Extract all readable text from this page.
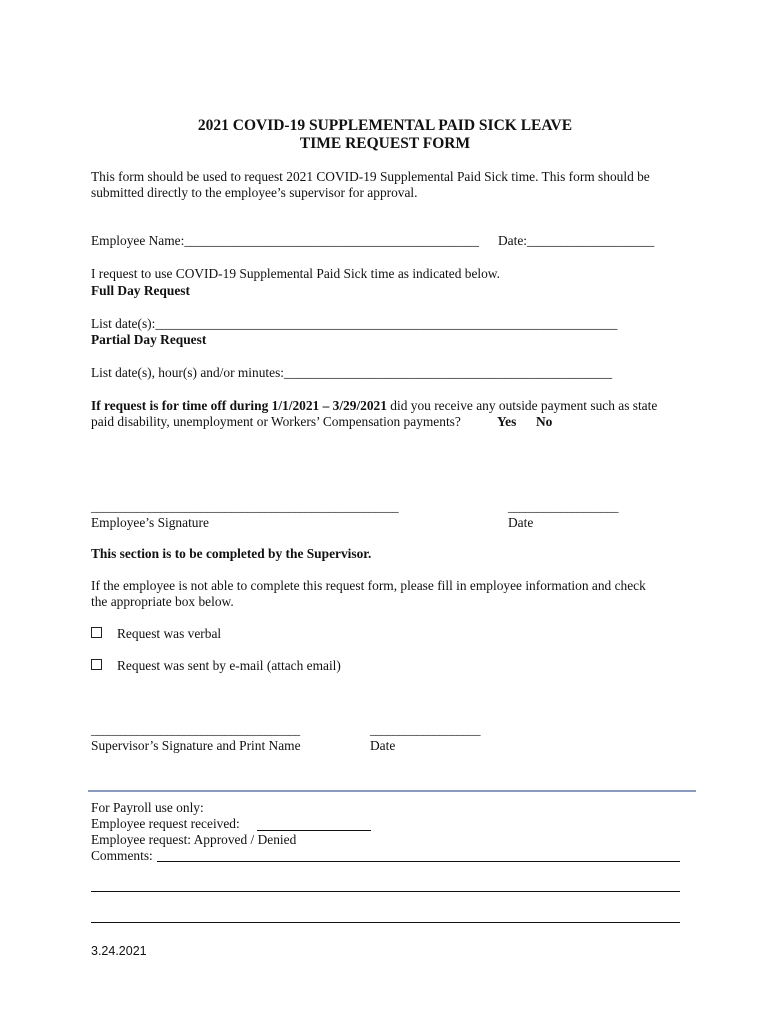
2021 COVID-19 SUPPLEMENTAL PAID SICK LEAVE
TIME REQUEST FORM
This form should be used to request 2021 COVID-19 Supplemental Paid Sick time. This form should be
submitted directly to the employee’s supervisor for approval.
Employee Name:____________________________________________ Date:___________________
I request to use COVID-19 Supplemental Paid Sick time as indicated below.
Full Day Request
List date(s):_____________________________________________________________________
Partial Day Request
List date(s), hour(s) and/or minutes:_________________________________________________
If request is for time off during 1/1/2021 – 3/29/2021 did you receive any outside payment such as state
paid disability, unemployment or Workers’ Compensation payments?	Yes No
_____________________________________________________
Employee’s Signature
___________________
Date
This section is to be completed by the Supervisor.
If the employee is not able to complete this request form, please fill in employee information and check
the appropriate box below.
Request was verbal
Request was sent by e-mail (attach email)
____________________________________
Supervisor’s Signature and Print Name
___________________
Date
For Payroll use only:
Employee request received:
Employee request: Approved / Denied
Comments:
3.24.2021
